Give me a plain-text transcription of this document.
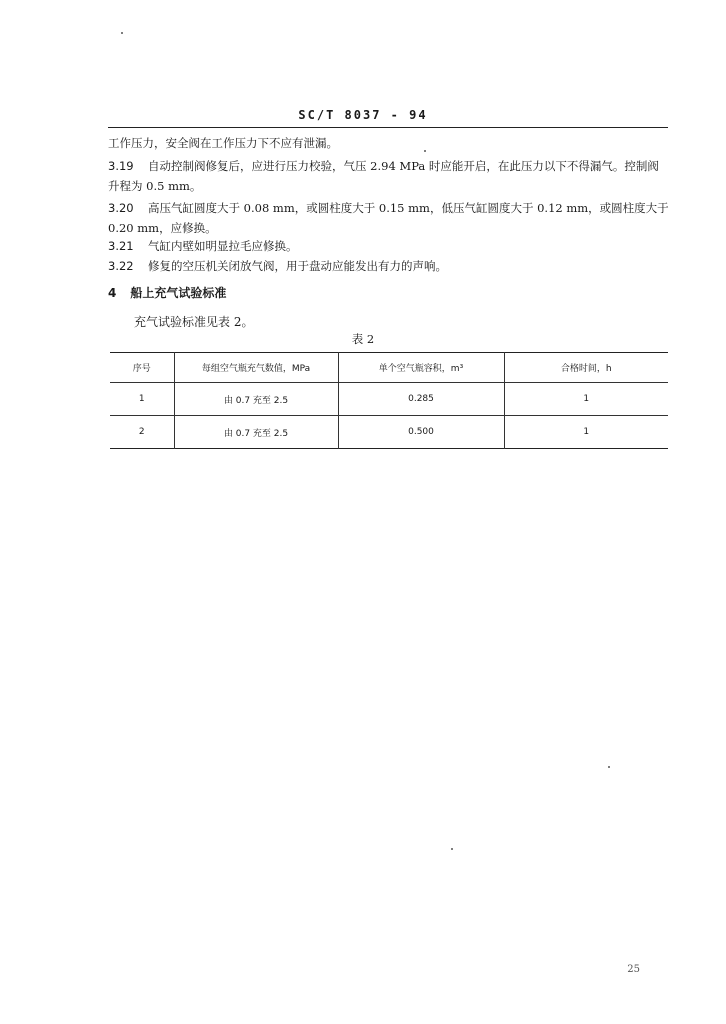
SC/T 8037 - 94
工作压力，安全阀在工作压力下不应有泄漏。
3.19 自动控制阀修复后，应进行压力校验，气压 2.94 MPa 时应能开启，在此压力以下不得漏气。控制阀升程为 0.5 mm。
3.20 高压气缸圆度大于 0.08 mm，或圆柱度大于 0.15 mm，低压气缸圆度大于 0.12 mm，或圆柱度大于 0.20 mm，应修换。
3.21 气缸内壁如明显拉毛应修换。
3.22 修复的空压机关闭放气阀，用于盘动应能发出有力的声响。
4 船上充气试验标准
充气试验标准见表 2。
表 2
序号	每组空气瓶充气数值，MPa	单个空气瓶容积，m³	合格时间，h
1	由 0.7 充至 2.5	0.285	1
2	由 0.7 充至 2.5	0.500	1
25
